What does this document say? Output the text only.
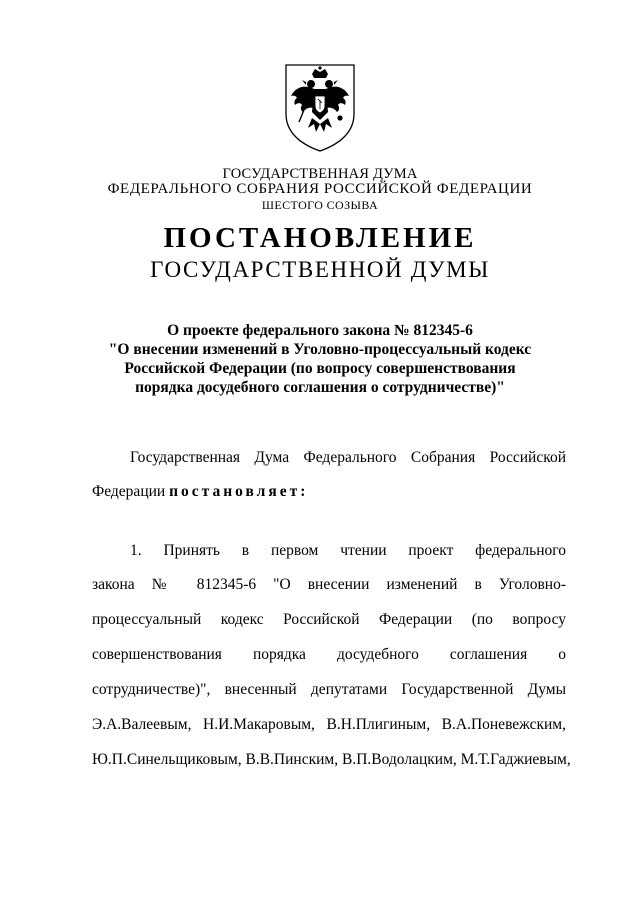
ГОСУДАРСТВЕННАЯ ДУМА
ФЕДЕРАЛЬНОГО СОБРАНИЯ РОССИЙСКОЙ ФЕДЕРАЦИИ
ШЕСТОГО СОЗЫВА
ПОСТАНОВЛЕНИЕ
ГОСУДАРСТВЕННОЙ ДУМЫ
О проекте федерального закона № 812345-6
"О внесении изменений в Уголовно-процессуальный кодекс
Российской Федерации (по вопросу совершенствования
порядка досудебного соглашения о сотрудничестве)"
Государственная Дума Федерального Собрания Российской
Федерации постановляет:
1. Принять в первом чтении проект федерального
закона № 812345-6 "О внесении изменений в Уголовно-
процессуальный кодекс Российской Федерации (по вопросу
совершенствования порядка досудебного соглашения о
сотрудничестве)", внесенный депутатами Государственной Думы
Э.А.Валеевым, Н.И.Макаровым, В.Н.Плигиным, В.А.Поневежским,
Ю.П.Синельщиковым, В.В.Пинским, В.П.Водолацким, М.Т.Гаджиевым,
